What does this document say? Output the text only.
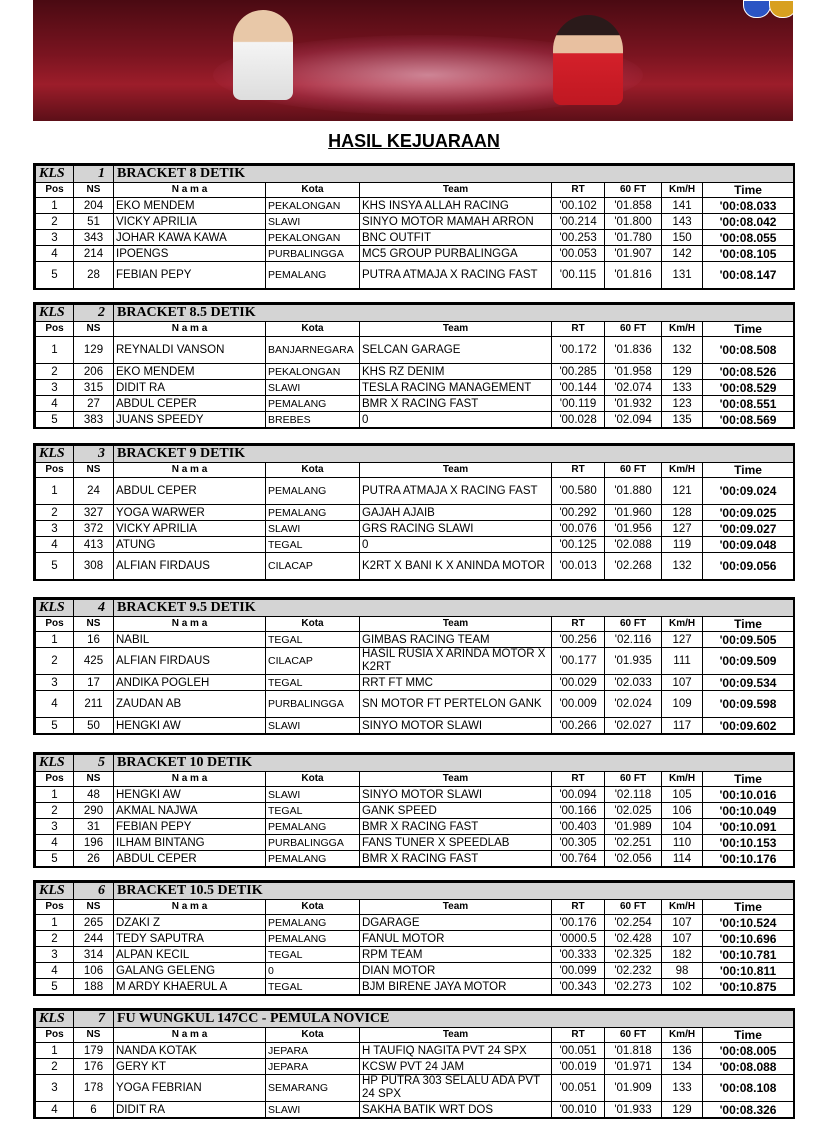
HASIL KEJUARAAN
KLS	1	BRACKET 8 DETIK						
Pos	NS	N a m a	Kota	Team	RT	60 FT	Km/H	Time
1	204	EKO MENDEM	PEKALONGAN	KHS INSYA ALLAH RACING	'00.102	'01.858	141	'00:08.033
2	51	VICKY APRILIA	SLAWI	SINYO MOTOR MAMAH ARRON	'00.214	'01.800	143	'00:08.042
3	343	JOHAR KAWA KAWA	PEKALONGAN	BNC OUTFIT	'00.253	'01.780	150	'00:08.055
4	214	IPOENGS	PURBALINGGA	MC5 GROUP PURBALINGGA	'00.053	'01.907	142	'00:08.105
5	28	FEBIAN PEPY	PEMALANG	PUTRA ATMAJA X RACING FAST	'00.115	'01.816	131	'00:08.147
KLS	2	BRACKET 8.5 DETIK						
Pos	NS	N a m a	Kota	Team	RT	60 FT	Km/H	Time
1	129	REYNALDI VANSON	BANJARNEGARA	SELCAN GARAGE	'00.172	'01.836	132	'00:08.508
2	206	EKO MENDEM	PEKALONGAN	KHS RZ DENIM	'00.285	'01.958	129	'00:08.526
3	315	DIDIT RA	SLAWI	TESLA RACING MANAGEMENT	'00.144	'02.074	133	'00:08.529
4	27	ABDUL CEPER	PEMALANG	BMR X RACING FAST	'00.119	'01.932	123	'00:08.551
5	383	JUANS SPEEDY	BREBES	0	'00.028	'02.094	135	'00:08.569
KLS	3	BRACKET 9 DETIK						
Pos	NS	N a m a	Kota	Team	RT	60 FT	Km/H	Time
1	24	ABDUL CEPER	PEMALANG	PUTRA ATMAJA X RACING FAST	'00.580	'01.880	121	'00:09.024
2	327	YOGA WARWER	PEMALANG	GAJAH AJAIB	'00.292	'01.960	128	'00:09.025
3	372	VICKY APRILIA	SLAWI	GRS RACING SLAWI	'00.076	'01.956	127	'00:09.027
4	413	ATUNG	TEGAL	0	'00.125	'02.088	119	'00:09.048
5	308	ALFIAN FIRDAUS	CILACAP	K2RT X BANI K X ANINDA MOTOR	'00.013	'02.268	132	'00:09.056
KLS	4	BRACKET 9.5 DETIK						
Pos	NS	N a m a	Kota	Team	RT	60 FT	Km/H	Time
1	16	NABIL	TEGAL	GIMBAS RACING TEAM	'00.256	'02.116	127	'00:09.505
2	425	ALFIAN FIRDAUS	CILACAP	HASIL RUSIA X ARINDA MOTOR X K2RT	'00.177	'01.935	111	'00:09.509
3	17	ANDIKA POGLEH	TEGAL	RRT FT MMC	'00.029	'02.033	107	'00:09.534
4	211	ZAUDAN AB	PURBALINGGA	SN MOTOR FT PERTELON GANK	'00.009	'02.024	109	'00:09.598
5	50	HENGKI AW	SLAWI	SINYO MOTOR SLAWI	'00.266	'02.027	117	'00:09.602
KLS	5	BRACKET 10 DETIK						
Pos	NS	N a m a	Kota	Team	RT	60 FT	Km/H	Time
1	48	HENGKI AW	SLAWI	SINYO MOTOR SLAWI	'00.094	'02.118	105	'00:10.016
2	290	AKMAL NAJWA	TEGAL	GANK SPEED	'00.166	'02.025	106	'00:10.049
3	31	FEBIAN PEPY	PEMALANG	BMR X RACING FAST	'00.403	'01.989	104	'00:10.091
4	196	ILHAM BINTANG	PURBALINGGA	FANS TUNER X SPEEDLAB	'00.305	'02.251	110	'00:10.153
5	26	ABDUL CEPER	PEMALANG	BMR X RACING FAST	'00.764	'02.056	114	'00:10.176
KLS	6	BRACKET 10.5 DETIK						
Pos	NS	N a m a	Kota	Team	RT	60 FT	Km/H	Time
1	265	DZAKI Z	PEMALANG	DGARAGE	'00.176	'02.254	107	'00:10.524
2	244	TEDY SAPUTRA	PEMALANG	FANUL MOTOR	'0000.5	'02.428	107	'00:10.696
3	314	ALPAN KECIL	TEGAL	RPM TEAM	'00.333	'02.325	182	'00:10.781
4	106	GALANG GELENG	0	DIAN MOTOR	'00.099	'02.232	98	'00:10.811
5	188	M ARDY KHAERUL A	TEGAL	BJM BIRENE JAYA MOTOR	'00.343	'02.273	102	'00:10.875
KLS	7	FU WUNGKUL 147CC - PEMULA NOVICE						
Pos	NS	N a m a	Kota	Team	RT	60 FT	Km/H	Time
1	179	NANDA KOTAK	JEPARA	H TAUFIQ NAGITA PVT 24 SPX	'00.051	'01.818	136	'00:08.005
2	176	GERY KT	JEPARA	KCSW PVT 24 JAM	'00.019	'01.971	134	'00:08.088
3	178	YOGA FEBRIAN	SEMARANG	HP PUTRA 303 SELALU ADA PVT 24 SPX	'00.051	'01.909	133	'00:08.108
4	6	DIDIT RA	SLAWI	SAKHA BATIK WRT DOS	'00.010	'01.933	129	'00:08.326
